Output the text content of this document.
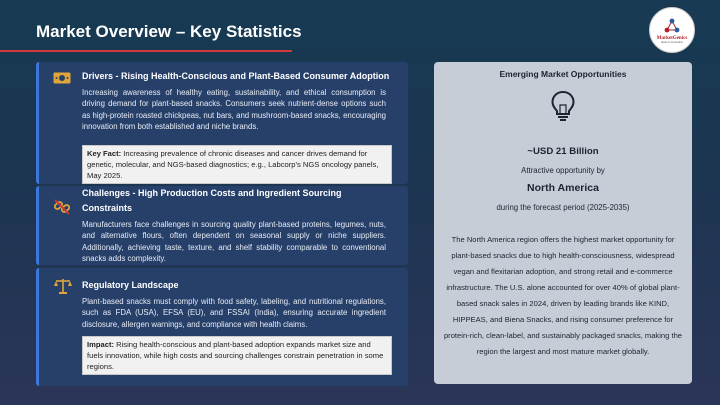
Market Overview – Key Statistics	MarketGenics
Ideas to Innovation
Drivers - Rising Health-Conscious and Plant-Based Consumer Adoption
Increasing awareness of healthy eating, sustainability, and ethical consumption is driving demand for plant-based snacks. Consumers seek nutrient-dense options such as high-protein roasted chickpeas, nut bars, and mushroom-based snacks, encouraging innovation from both established and niche brands.
Key Fact: Increasing prevalence of chronic diseases and cancer drives demand for genetic, molecular, and NGS-based diagnostics; e.g., Labcorp's NGS oncology panels, May 2025.
Challenges - High Production Costs and Ingredient Sourcing Constraints
Manufacturers face challenges in sourcing quality plant-based proteins, legumes, nuts, and alternative flours, often dependent on seasonal supply or niche suppliers. Additionally, achieving taste, texture, and shelf stability comparable to conventional snacks adds complexity.
Regulatory Landscape
Plant-based snacks must comply with food safety, labeling, and nutritional regulations, such as FDA (USA), EFSA (EU), and FSSAI (India), ensuring accurate ingredient disclosure, allergen warnings, and compliance with health claims.
Impact: Rising health-conscious and plant-based adoption expands market size and fuels innovation, while high costs and sourcing challenges constrain penetration in some regions.
Emerging Market Opportunities
~USD 21 Billion
Attractive opportunity by
North America
during the forecast period (2025-2035)
The North America region offers the highest market opportunity for plant-based snacks due to high health-consciousness, widespread vegan and flexitarian adoption, and strong retail and e-commerce infrastructure. The U.S. alone accounted for over 40% of global plant-based snack sales in 2024, driven by leading brands like KIND, HIPPEAS, and Biena Snacks, and rising consumer preference for protein-rich, clean-label, and sustainably packaged snacks, making the region the largest and most mature market globally.
